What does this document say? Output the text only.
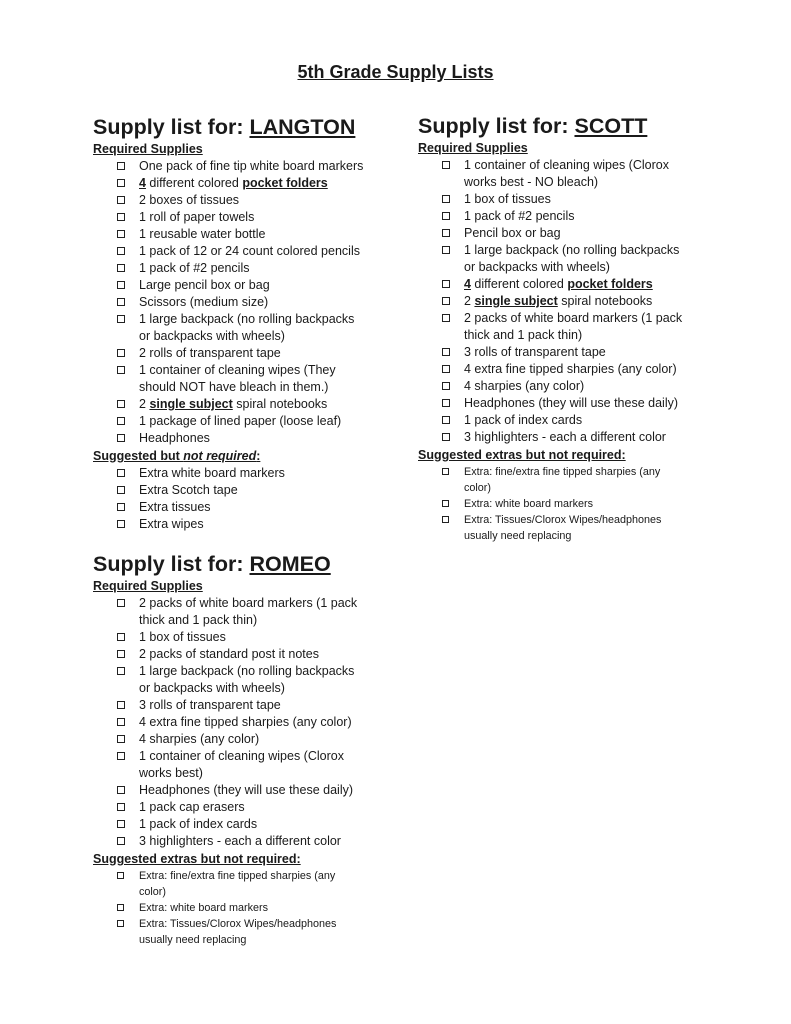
5th Grade Supply Lists
Supply list for: LANGTON
Required Supplies
One pack of fine tip white board markers
4 different colored pocket folders
2 boxes of tissues
1 roll of paper towels
1 reusable water bottle
1 pack of 12 or 24 count colored pencils
1 pack of #2 pencils
Large pencil box or bag
Scissors (medium size)
1 large backpack (no rolling backpacks
or backpacks with wheels)
2 rolls of transparent tape
1 container of cleaning wipes (They
should NOT have bleach in them.)
2 single subject spiral notebooks
1 package of lined paper (loose leaf)
Headphones
Suggested but not required:
Extra white board markers
Extra Scotch tape
Extra tissues
Extra wipes
Supply list for: SCOTT
Required Supplies
1 container of cleaning wipes (Clorox
works best - NO bleach)
1 box of tissues
1 pack of #2 pencils
Pencil box or bag
1 large backpack (no rolling backpacks
or backpacks with wheels)
4 different colored pocket folders
2 single subject spiral notebooks
2 packs of white board markers (1 pack
thick and 1 pack thin)
3 rolls of transparent tape
4 extra fine tipped sharpies (any color)
4 sharpies (any color)
Headphones (they will use these daily)
1 pack of index cards
3 highlighters - each a different color
Suggested extras but not required:
Extra: fine/extra fine tipped sharpies (any
color)
Extra: white board markers
Extra: Tissues/Clorox Wipes/headphones
usually need replacing
Supply list for: ROMEO
Required Supplies
2 packs of white board markers (1 pack
thick and 1 pack thin)
1 box of tissues
2 packs of standard post it notes
1 large backpack (no rolling backpacks
or backpacks with wheels)
3 rolls of transparent tape
4 extra fine tipped sharpies (any color)
4 sharpies (any color)
1 container of cleaning wipes (Clorox
works best)
Headphones (they will use these daily)
1 pack cap erasers
1 pack of index cards
3 highlighters - each a different color
Suggested extras but not required:
Extra: fine/extra fine tipped sharpies (any
color)
Extra: white board markers
Extra: Tissues/Clorox Wipes/headphones
usually need replacing
